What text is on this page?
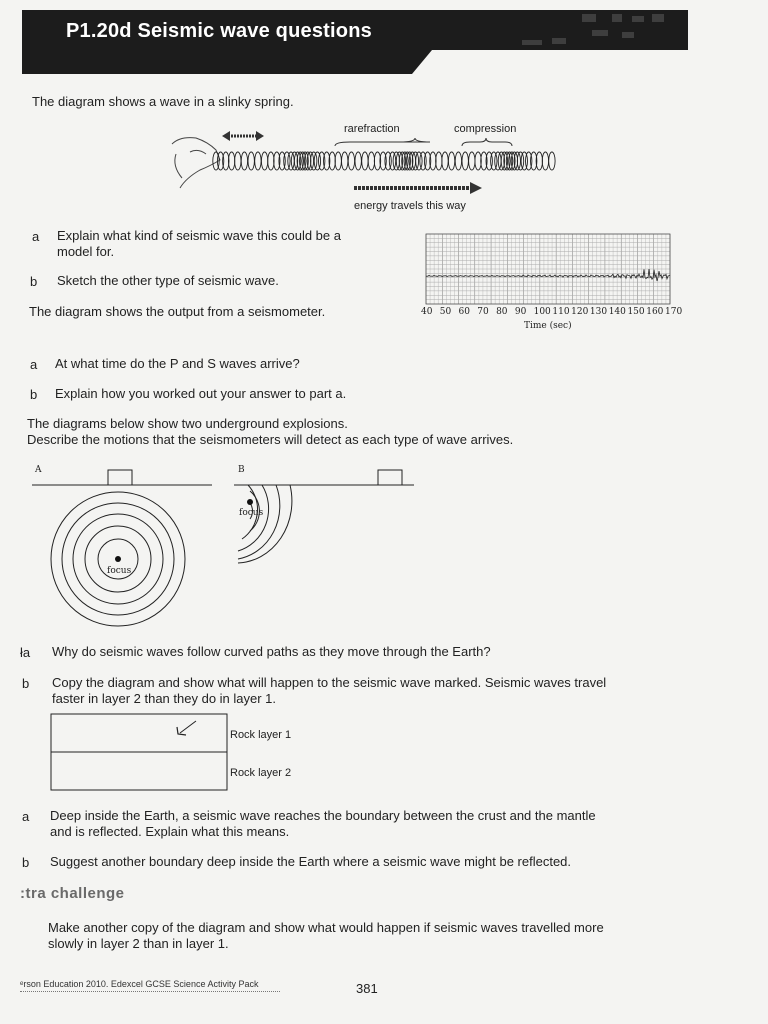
P1.20d Seismic wave questions
The diagram shows a wave in a slinky spring.
rarefraction	compression
energy travels this way
a Explain what kind of seismic wave this could be a
model for.
b Sketch the other type of seismic wave.
The diagram shows the output from a seismometer.	40 50 60 70 80 90 100 110 120 130 140 150 160 170
Time (sec)
a At what time do the P and S waves arrive?
b Explain how you worked out your answer to part a.
The diagrams below show two underground explosions.
Describe the motions that the seismometers will detect as each type of wave arrives.
A	B
focus
focus
ła Why do seismic waves follow curved paths as they move through the Earth?
b Copy the diagram and show what will happen to the seismic wave marked. Seismic waves travel
faster in layer 2 than they do in layer 1.
Rock layer 1
Rock layer 2
a Deep inside the Earth, a seismic wave reaches the boundary between the crust and the mantle
and is reflected. Explain what this means.
b Suggest another boundary deep inside the Earth where a seismic wave might be reflected.
:tra challenge
Make another copy of the diagram and show what would happen if seismic waves travelled more
slowly in layer 2 than in layer 1.
ᵉrson Education 2010. Edexcel GCSE Science Activity Pack	381
